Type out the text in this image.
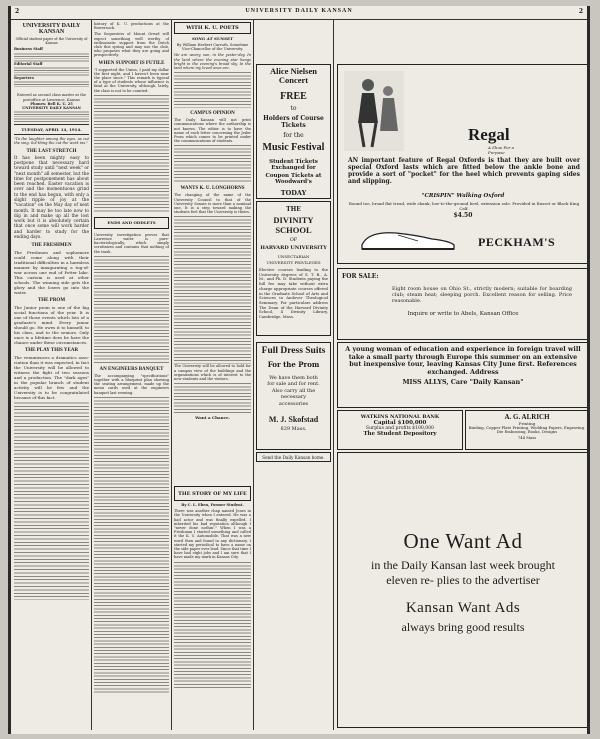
UNIVERSITY DAILY KANSAN
2	2
UNIVERSITY DAILY KANSAN
Official student paper of the University of Kansas
Business Staff
Editorial Staff
Reporters
Entered as second class matter at the postoffice at Lawrence, Kansas
Phones: Bell K. U. 25
UNIVERSITY DAILY KANSAN
TUESDAY, APRIL 14, 1914.
"To the laughter among the eyes, as cut the sing. Sol-thing the cut the work ins."
THE LAST STRETCH
It has been mighty easy to postpone that necessary hard toward study until "next week" or "next month" all semester, but the time for postponement has about been reached. Easter vacation is over and the momentuous grind to the end has begun, with only a slight ripple of joy at the "vacation" on the May day of next month. It may be too late now to dig in and make up all the lost work but it is absolutely certain that once some will work harder and harder to study for the ending days.
THE FRESHMEN
The Freshmen and sophomore could come along with their traditional difficulties in a harmless manner by inaugurating a tug-of-war across one end of Potter lake. This custom is used at other schools. The winning side gets the glory and the losers go into the water.
THE PROM
The Junior prom is one of the big social functions of the year. It is one of those events which lots of a graduate's mind. Every junior should go. He owes it to himself, to his class, and to the seniors. Only once is a lifetime does he have the chance under these circumstances.
THE PLAY THIS YEAR
The venuniences a dramatics asso- ciation than it was expected, in fact the University will be allowed to witness the fight of two seasons and a production. The "dark ages" in the popular branch of student activity will be few and the University is to be congratulated because of this fact.
history of K. U. productions at the Bowersock.
The Sequesters of Mount Oread will expect something well worthy of enthusiastic support from the Dutch club this spring and may use the club, who proposes what they are going and prospectively.
WHEN SUPPORT IS FUTILE
"I supported the Union, I paid my dollar the first night, and I haven't been near the place since." This remark is typical of a type of students whose influence is fatal at the University, although, lately, the class is not to be counted.
ENDS AND ODDLETS
University investigation proves that Lawrence water is pure-bacteriologically, which simply scrutinizes and contains that nothing of the trash.
AN ENGINEERS BANQUET
The accompanying "specifications" together with a blueprint plan showing the seating arrangement, made up the menu cards used at the engineers banquet last evening.
WITH K. U. POETS
SONG AT SUNSET
By William Herbert Carruth, Sometime Vice-Chancellor of the University.
We are weary, sun, in the yester-day, In the land where the evening star hangs bright in the evening's broad sky, In the land where my loved ones are.
CAMPUS OPINION
The Daily Kansan will not print communications where the authorship is not known. The editor is to have the name of each letter concerning the Jeder Prom which comes to be printed under the communications of students.
WANTS K. U. LONGHORNS
The changing of the name of the University Council to that of the University Senate is more than a nominal one. It is a step toward making the students feel that the University is theirs.
The University will be allowed to hold for a campus view of the buildings and the organizations which is of interest to the new students and the visitors.
Want a Chance.
THE STORY OF MY LIFE
By C. L. Eben, Former Student.
There was another chap named Jones in the University when I entered. He was a bad actor and was finally expelled. I inherited his bad reputation although I "never done nothin'." When I was a Freshman I started something and called it the K. U. Automobile. That was a new word then and found in any dictionary. I started my periodical to have a name on the side paper ever lead. Since that time I have had eight jobs and I am sure that I have made my mark in Kansas City.
Alice Nielsen Concert
FREE
to
Holders of Course Tickets
for the
Music Festival
Student Tickets Exchanged for
Coupon Tickets at Woodward's
TODAY
THE
DIVINITY SCHOOL
OF
HARVARD UNIVERSITY
UNSECTARIAN
UNIVERSITY PRIVILEGES
Elective courses leading to the University degrees of S. T. B., A. M., and Ph. D. Students paying the full fee may take without extra charge appropriate courses offered in the Graduate School of Arts and Sciences in Andover Theological Seminary. For particulars address The Dean of the Harvard Divinity School, 4 Divinity Library, Cambridge, Mass.
Regal
A Shoe For a Purpose
AN important feature of Regal Oxfords is that they are built over special Oxford lasts which are fitted below the ankle bone and provide a sort of "pocket" for the heel which prevents gaping sides and slipping.
"CRISPIN" Walking Oxford
Round toe, broad flat tread, wide shank; low-to-the-ground heel, extension sole. Provided in Russet or Black King Calf.
$4.50
PECKHAM'S
FOR SALE:
Eight room house on Ohio St., strictly modern; suitable for boarding club; steam heat; sleeping porch. Excellent reason for selling. Price reasonable.
Inquire or write to Abels, Kansan Office
Full Dress Suits
For the Prom
We have them both for sale and for rent. Also carry all the necessary accessories
M. J. Skofstad
829 Mass.
A young woman of education and experience in foreign travel will take a small party through Europe this summer on an extensive but inexpensive tour, leaving Kansas City June first. References exchanged. Address
MISS ALLYS, Care "Daily Kansan"
WATKINS NATIONAL BANK
Capital $100,000
Surplus and profits $100,000
The Student Depository
A. G. ALRICH
Printing
Binding, Copper Plate Printing, Wedding Papers, Engraving. Die Embossing, Books, Designs
744 Mass
Send the Daily Kansan home.
One Want Ad
in the Daily Kansan last week brought eleven re- plies to the advertiser
Kansan Want Ads
always bring good results
